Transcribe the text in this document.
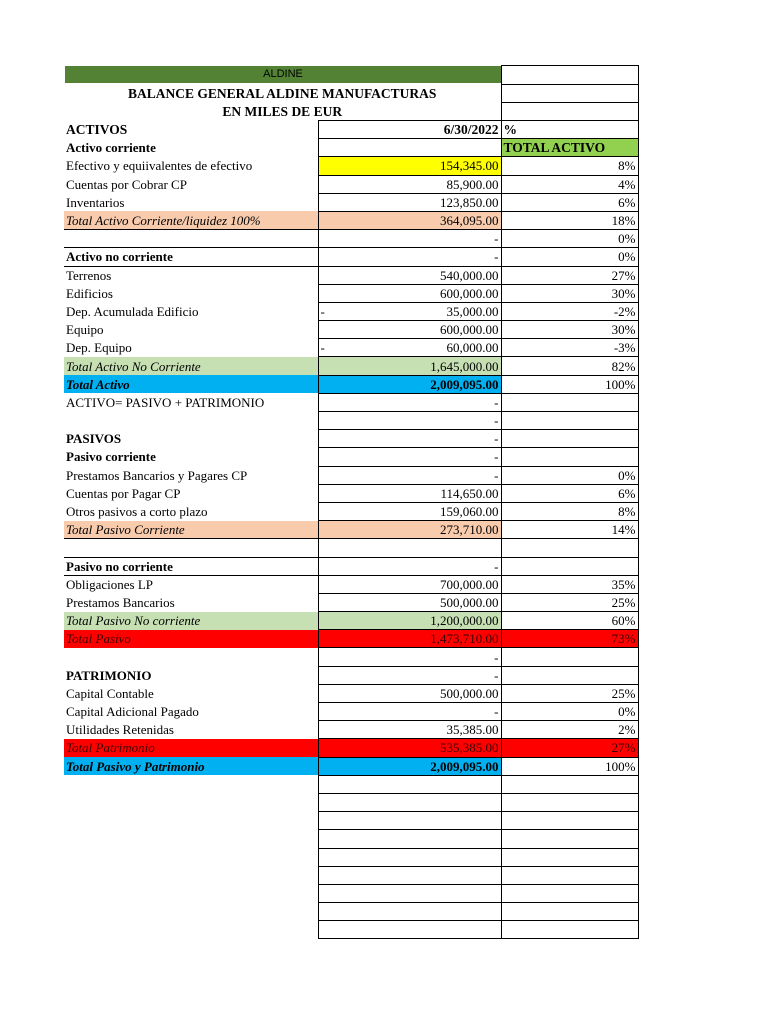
ALDINE

BALANCE GENERAL ALDINE MANUFACTURAS		
EN MILES DE EUR		
ACTIVOS	6/30/2022	%
Activo corriente		TOTAL ACTIVO
Efectivo y equiivalentes de efectivo	154,345.00	8%
Cuentas por Cobrar CP	85,900.00	4%
Inventarios	123,850.00	6%
Total Activo Corriente/liquidez 100%	364,095.00	18%
	-	0%
Activo no corriente	-	0%
Terrenos	540,000.00	27%
Edificios	600,000.00	30%
Dep. Acumulada Edificio	- 35,000.00	-2%
Equipo	600,000.00	30%
Dep. Equipo	- 60,000.00	-3%
Total Activo No Corriente	1,645,000.00	82%
Total Activo	2,009,095.00	100%
ACTIVO= PASIVO + PATRIMONIO	-	
	-	
PASIVOS	-	
Pasivo corriente	-	
Prestamos Bancarios y Pagares CP	-	0%
Cuentas por Pagar CP	114,650.00	6%
Otros pasivos a corto plazo	159,060.00	8%
Total Pasivo Corriente	273,710.00	14%

Pasivo no corriente	-	
Obligaciones LP	700,000.00	35%
Prestamos Bancarios	500,000.00	25%
Total Pasivo No corriente	1,200,000.00	60%
Total Pasivo	1,473,710.00	73%
	-	
PATRIMONIO	-	
Capital Contable	500,000.00	25%
Capital Adicional Pagado	-	0%
Utilidades Retenidas	35,385.00	2%
Total Patrimonio	535,385.00	27%
Total Pasivo y Patrimonio	2,009,095.00	100%
